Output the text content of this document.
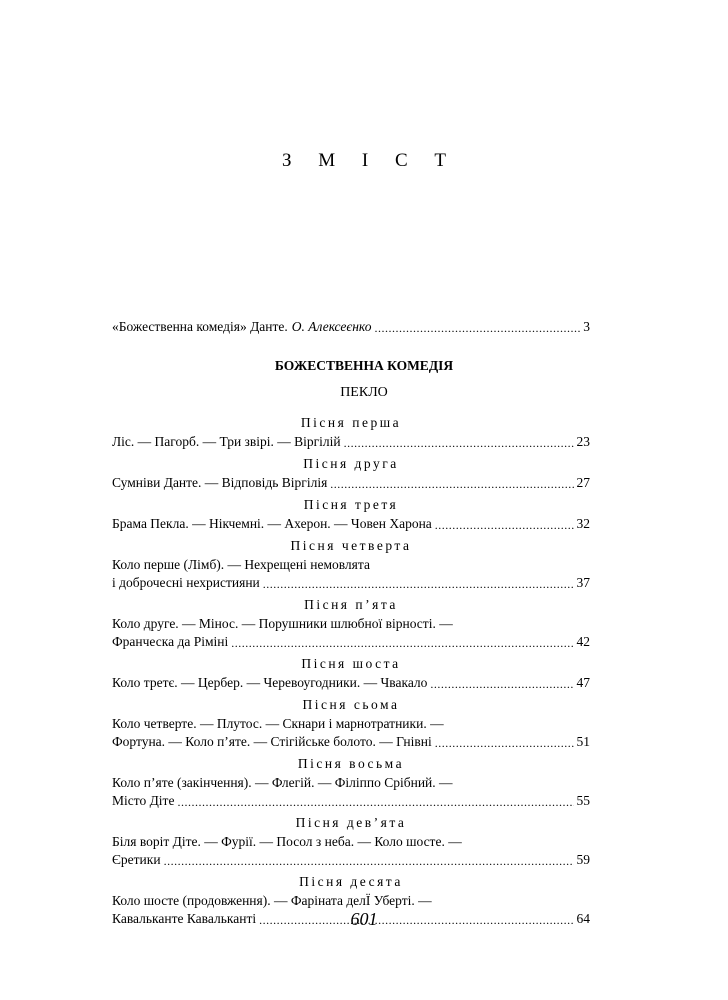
З М І С Т
«Божественна комедія» Данте. О. Алексеєнко .....	3
БОЖЕСТВЕННА КОМЕДІЯ
ПЕКЛО
Пісня перша
Ліс. — Пагорб. — Три звірі. — Віргілій .....	23
Пісня друга
Сумніви Данте. — Відповідь Віргілія .....	27
Пісня третя
Брама Пекла. — Нікчемні. — Ахерон. — Човен Харона .....	32
Пісня четверта
Коло перше (Лімб). — Нехрещені немовлята
і доброчесні нехристияни .....	37
Пісня п’ята
Коло друге. — Мінос. — Порушники шлюбної вірності. —
Франческа да Ріміні .....	42
Пісня шоста
Коло третє. — Цербер. — Черевоугодники. — Чвакало .....	47
Пісня сьома
Коло четверте. — Плутос. — Скнари і марнотратники. —
Фортуна. — Коло п’яте. — Стігійське болото. — Гнівні .....	51
Пісня восьма
Коло п’яте (закінчення). — Флегій. — Філіппо Срібний. —
Місто Діте .....	55
Пісня дев’ята
Біля воріт Діте. — Фурії. — Посол з неба. — Коло шосте. —
Єретики .....	59
Пісня десята
Коло шосте (продовження). — Фаріната делЇ Уберті. —
Кавальканте Кавальканті .....	64
601
